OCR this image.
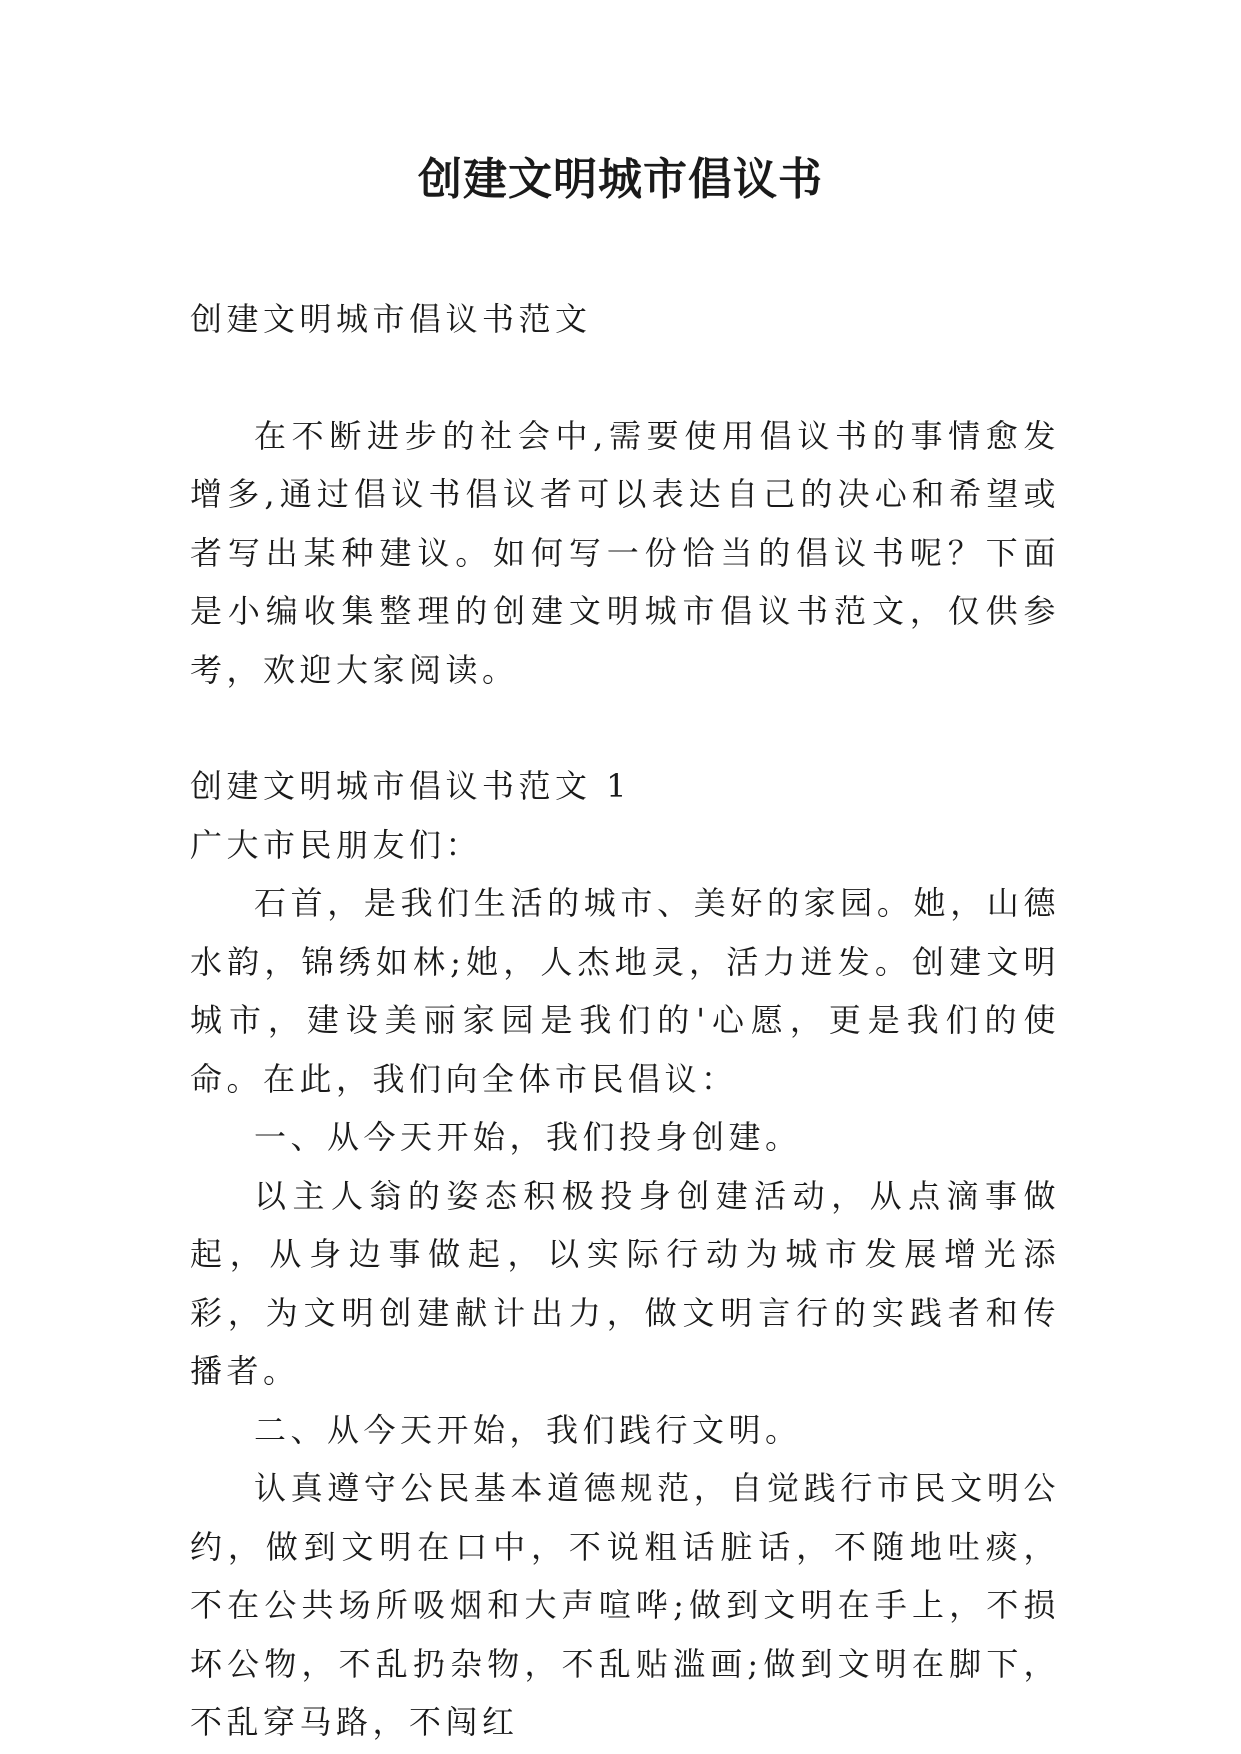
创建文明城市倡议书

创建文明城市倡议书范文

在不断进步的社会中,需要使用倡议书的事情愈发增多,通过倡议书倡议者可以表达自己的决心和希望或者写出某种建议。如何写一份恰当的倡议书呢？下面是小编收集整理的创建文明城市倡议书范文，仅供参考，欢迎大家阅读。

创建文明城市倡议书范文 1

广大市民朋友们：

石首，是我们生活的城市、美好的家园。她，山德水韵，锦绣如林;她，人杰地灵，活力迸发。创建文明城市，建设美丽家园是我们的'心愿，更是我们的使命。在此，我们向全体市民倡议：

一、从今天开始，我们投身创建。

以主人翁的姿态积极投身创建活动，从点滴事做起，从身边事做起，以实际行动为城市发展增光添彩，为文明创建献计出力，做文明言行的实践者和传播者。

二、从今天开始，我们践行文明。

认真遵守公民基本道德规范，自觉践行市民文明公约，做到文明在口中，不说粗话脏话，不随地吐痰，不在公共场所吸烟和大声喧哗;做到文明在手上，不损坏公物，不乱扔杂物，不乱贴滥画;做到文明在脚下，不乱穿马路，不闯红
